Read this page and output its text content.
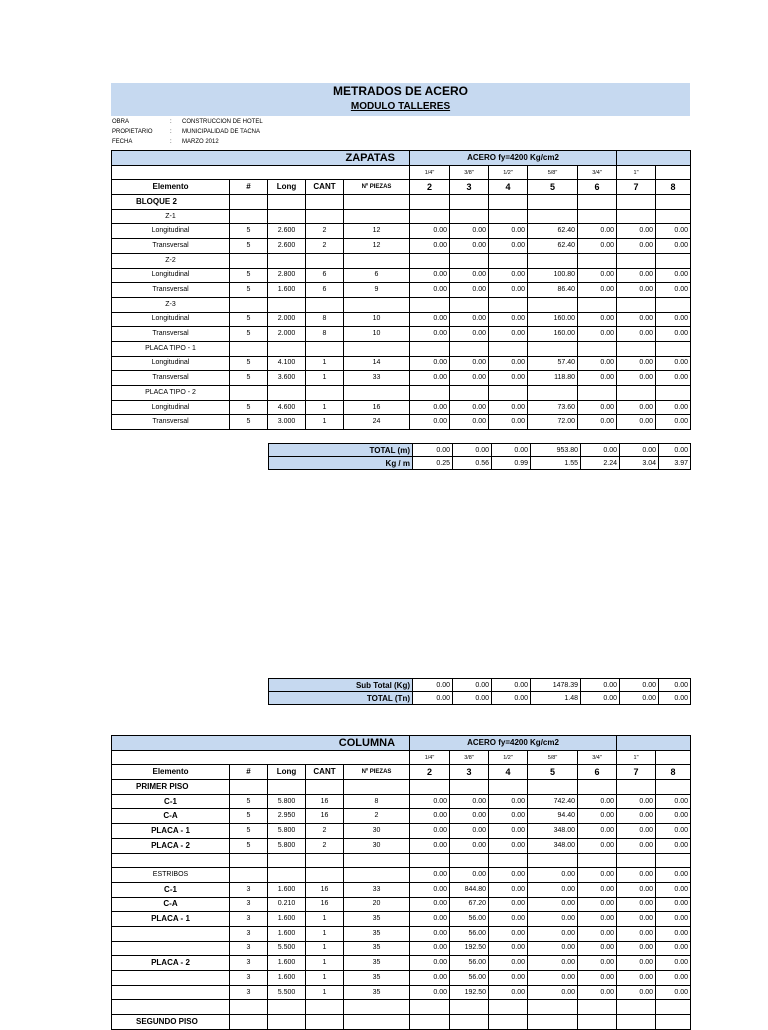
METRADOS DE ACERO
MODULO TALLERES
OBRA	: CONSTRUCCION DE HOTEL
PROPIETARIO	: MUNICIPALIDAD DE TACNA
FECHA	: MARZO 2012
ZAPATAS					ACERO fy=4200 Kg/cm2						
					1/4"	3/8"	1/2"	5/8"	3/4"	1"	
Elemento	#	Long	CANT	Nº PIEZAS	2	3	4	5	6	7	8
BLOQUE 2											
Z-1											
Longitudinal	5	2.600	2	12	0.00	0.00	0.00	62.40	0.00	0.00	0.00
Transversal	5	2.600	2	12	0.00	0.00	0.00	62.40	0.00	0.00	0.00
Z-2											
Longitudinal	5	2.800	6	6	0.00	0.00	0.00	100.80	0.00	0.00	0.00
Transversal	5	1.600	6	9	0.00	0.00	0.00	86.40	0.00	0.00	0.00
Z-3											
Longitudinal	5	2.000	8	10	0.00	0.00	0.00	160.00	0.00	0.00	0.00
Transversal	5	2.000	8	10	0.00	0.00	0.00	160.00	0.00	0.00	0.00
PLACA TIPO - 1											
Longitudinal	5	4.100	1	14	0.00	0.00	0.00	57.40	0.00	0.00	0.00
Transversal	5	3.600	1	33	0.00	0.00	0.00	118.80	0.00	0.00	0.00
PLACA TIPO - 2											
Longitudinal	5	4.600	1	16	0.00	0.00	0.00	73.60	0.00	0.00	0.00
Transversal	5	3.000	1	24	0.00	0.00	0.00	72.00	0.00	0.00	0.00
TOTAL (m)	0.00	0.00	0.00	953.80	0.00	0.00	0.00
Kg / m	0.25	0.56	0.99	1.55	2.24	3.04	3.97
Sub Total (Kg)	0.00	0.00	0.00	1478.39	0.00	0.00	0.00
TOTAL (Tn)	0.00	0.00	0.00	1.48	0.00	0.00	0.00
COLUMNA					ACERO fy=4200 Kg/cm2						
					1/4"	3/8"	1/2"	5/8"	3/4"	1"	
Elemento	#	Long	CANT	Nº PIEZAS	2	3	4	5	6	7	8
PRIMER PISO											
C-1	5	5.800	16	8	0.00	0.00	0.00	742.40	0.00	0.00	0.00
C-A	5	2.950	16	2	0.00	0.00	0.00	94.40	0.00	0.00	0.00
PLACA - 1	5	5.800	2	30	0.00	0.00	0.00	348.00	0.00	0.00	0.00
PLACA - 2	5	5.800	2	30	0.00	0.00	0.00	348.00	0.00	0.00	0.00

ESTRIBOS					0.00	0.00	0.00	0.00	0.00	0.00	0.00
C-1	3	1.600	16	33	0.00	844.80	0.00	0.00	0.00	0.00	0.00
C-A	3	0.210	16	20	0.00	67.20	0.00	0.00	0.00	0.00	0.00
PLACA - 1	3	1.600	1	35	0.00	56.00	0.00	0.00	0.00	0.00	0.00
	3	1.600	1	35	0.00	56.00	0.00	0.00	0.00	0.00	0.00
	3	5.500	1	35	0.00	192.50	0.00	0.00	0.00	0.00	0.00
PLACA - 2	3	1.600	1	35	0.00	56.00	0.00	0.00	0.00	0.00	0.00
	3	1.600	1	35	0.00	56.00	0.00	0.00	0.00	0.00	0.00
	3	5.500	1	35	0.00	192.50	0.00	0.00	0.00	0.00	0.00

SEGUNDO PISO											
